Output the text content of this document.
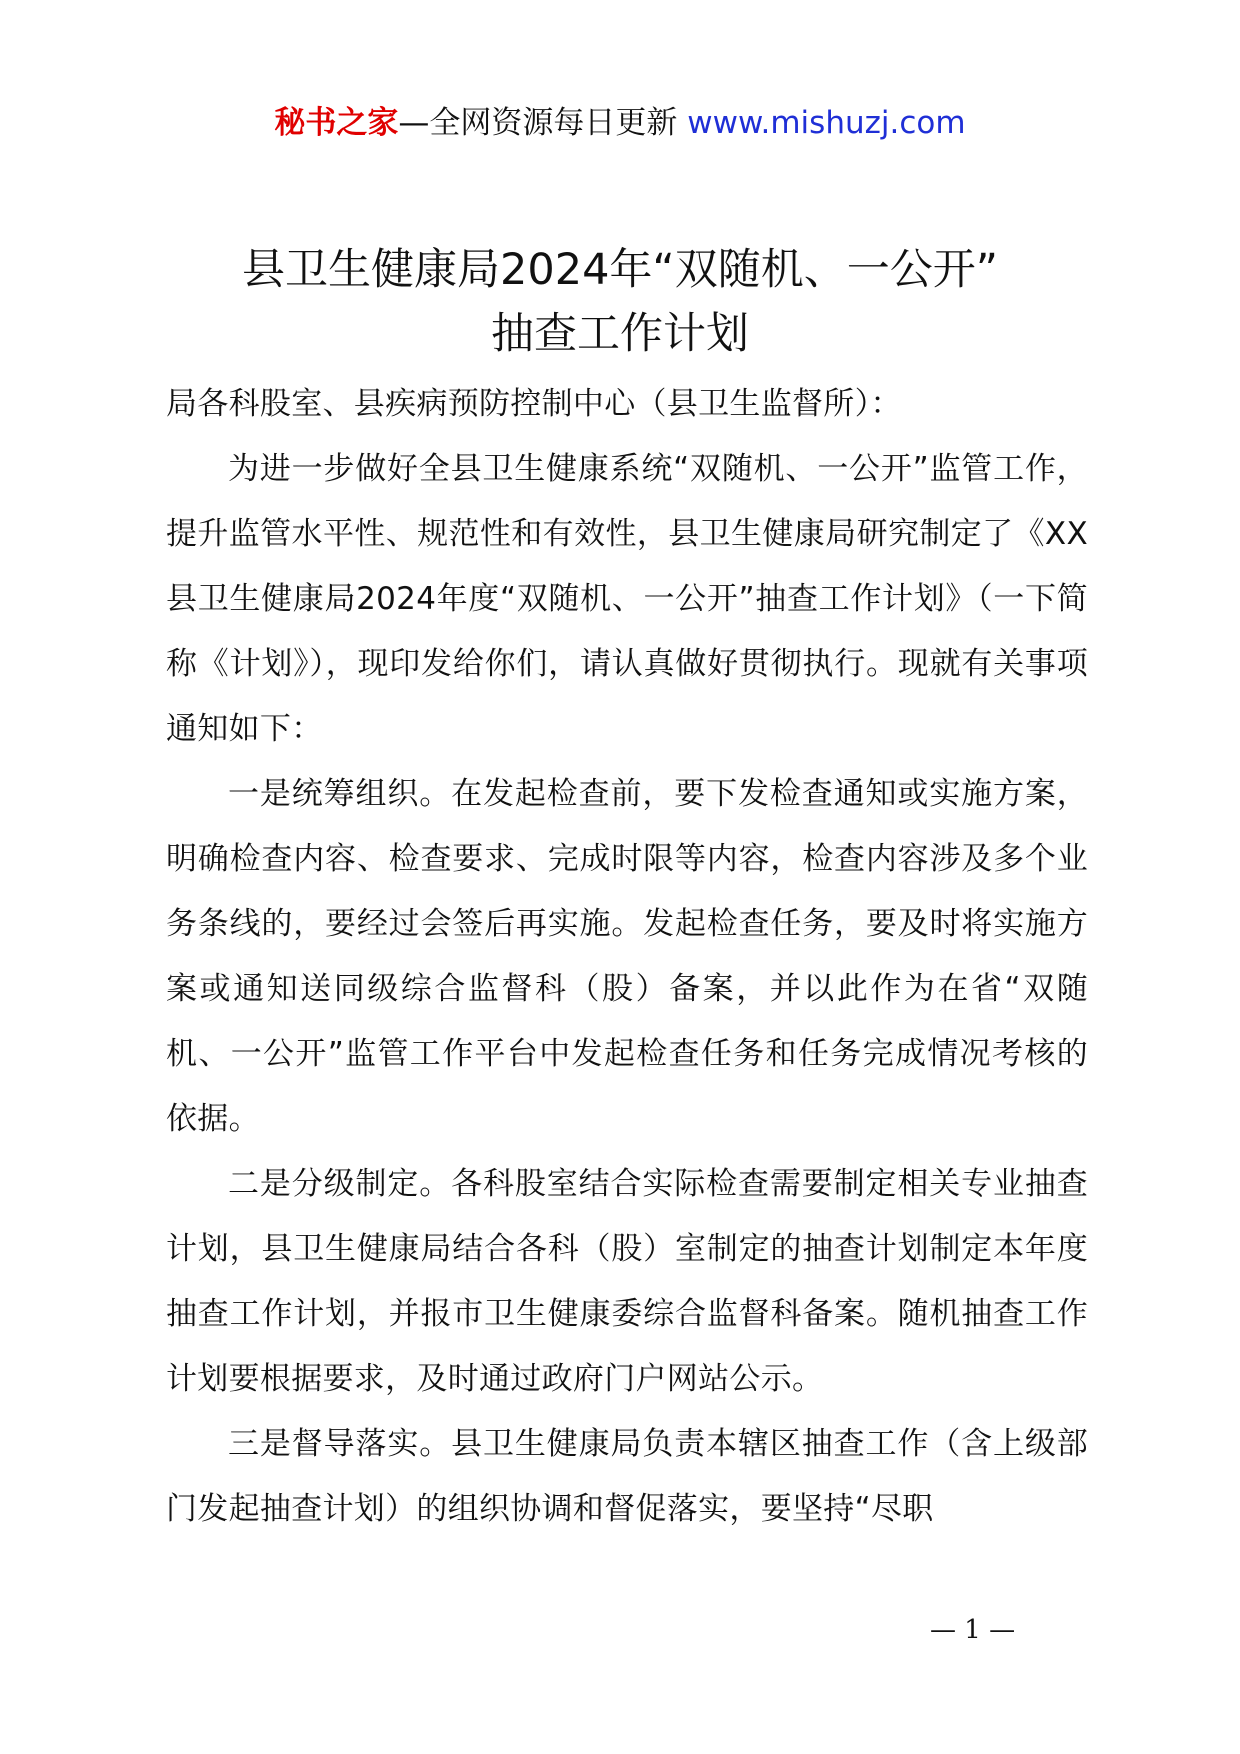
秘书之家—全网资源每日更新 www.mishuzj.com
县卫生健康局2024年“双随机、一公开”
抽查工作计划

局各科股室、县疾病预防控制中心（县卫生监督所）：

为进一步做好全县卫生健康系统“双随机、一公开”监管工作，提升监管水平性、规范性和有效性，县卫生健康局研究制定了《XX县卫生健康局2024年度“双随机、一公开”抽查工作计划》（一下简称《计划》），现印发给你们，请认真做好贯彻执行。现就有关事项通知如下：

一是统筹组织。在发起检查前，要下发检查通知或实施方案，明确检查内容、检查要求、完成时限等内容，检查内容涉及多个业务条线的，要经过会签后再实施。发起检查任务，要及时将实施方案或通知送同级综合监督科（股）备案，并以此作为在省“双随机、一公开”监管工作平台中发起检查任务和任务完成情况考核的依据。

二是分级制定。各科股室结合实际检查需要制定相关专业抽查计划，县卫生健康局结合各科（股）室制定的抽查计划制定本年度抽查工作计划，并报市卫生健康委综合监督科备案。随机抽查工作计划要根据要求，及时通过政府门户网站公示。

三是督导落实。县卫生健康局负责本辖区抽查工作（含上级部门发起抽查计划）的组织协调和督促落实，要坚持“尽职

— 1 —
